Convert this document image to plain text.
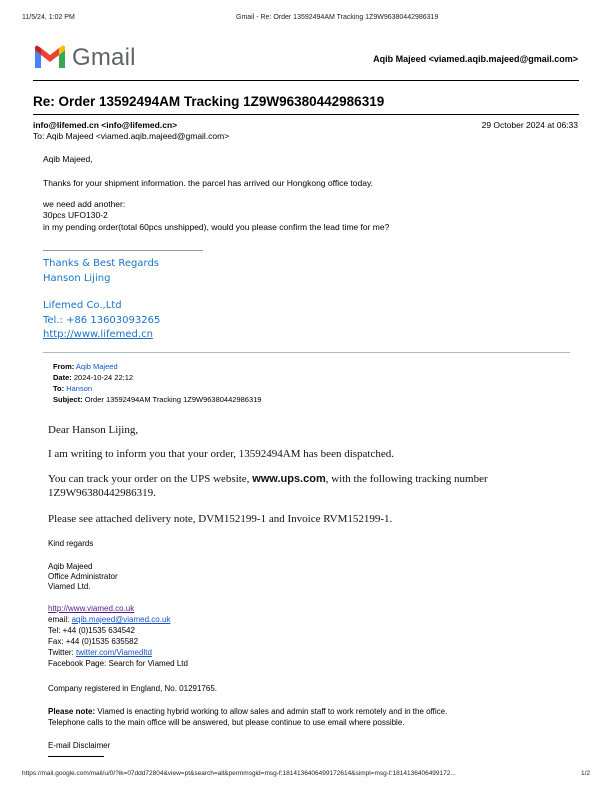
11/5/24, 1:02 PM	Gmail - Re: Order 13592494AM Tracking 1Z9W96380442986319
Gmail	Aqib Majeed <viamed.aqib.majeed@gmail.com>
Re: Order 13592494AM Tracking 1Z9W96380442986319
info@lifemed.cn <info@lifemed.cn>	29 October 2024 at 06:33
To: Aqib Majeed <viamed.aqib.majeed@gmail.com>
Aqib Majeed,
Thanks for your shipment information. the parcel has arrived our Hongkong office today.
we need add another:
30pcs UFO130-2
in my pending order(total 60pcs unshipped), would you please confirm the lead time for me?
Thanks & Best Regards
Hanson Lijing
Lifemed Co.,Ltd
Tel.: +86 13603093265
http://www.lifemed.cn
From: Aqib Majeed
Date: 2024-10-24 22:12
To: Hanson
Subject: Order 13592494AM Tracking 1Z9W96380442986319
Dear Hanson Lijing,
I am writing to inform you that your order, 13592494AM has been dispatched.
You can track your order on the UPS website, www.ups.com, with the following tracking number
1Z9W96380442986319.
Please see attached delivery note, DVM152199-1 and Invoice RVM152199-1.
Kind regards
Aqib Majeed
Office Administrator
Viamed Ltd.
http://www.viamed.co.uk
email: aqib.majeed@viamed.co.uk
Tel: +44 (0)1535 634542
Fax: +44 (0)1535 635582
Twitter: twitter.com/Viamedltd
Facebook Page: Search for Viamed Ltd
Company registered in England, No. 01291765.
Please note: Viamed is enacting hybrid working to allow sales and admin staff to work remotely and in the office.
Telephone calls to the main office will be answered, but please continue to use email where possible.
E-mail Disclaimer
https://mail.google.com/mail/u/0/?ik=07ddd72804&view=pt&search=all&permmsgid=msg-f:1814136406499172614&simpl=msg-f:1814136406499172...	1/2
